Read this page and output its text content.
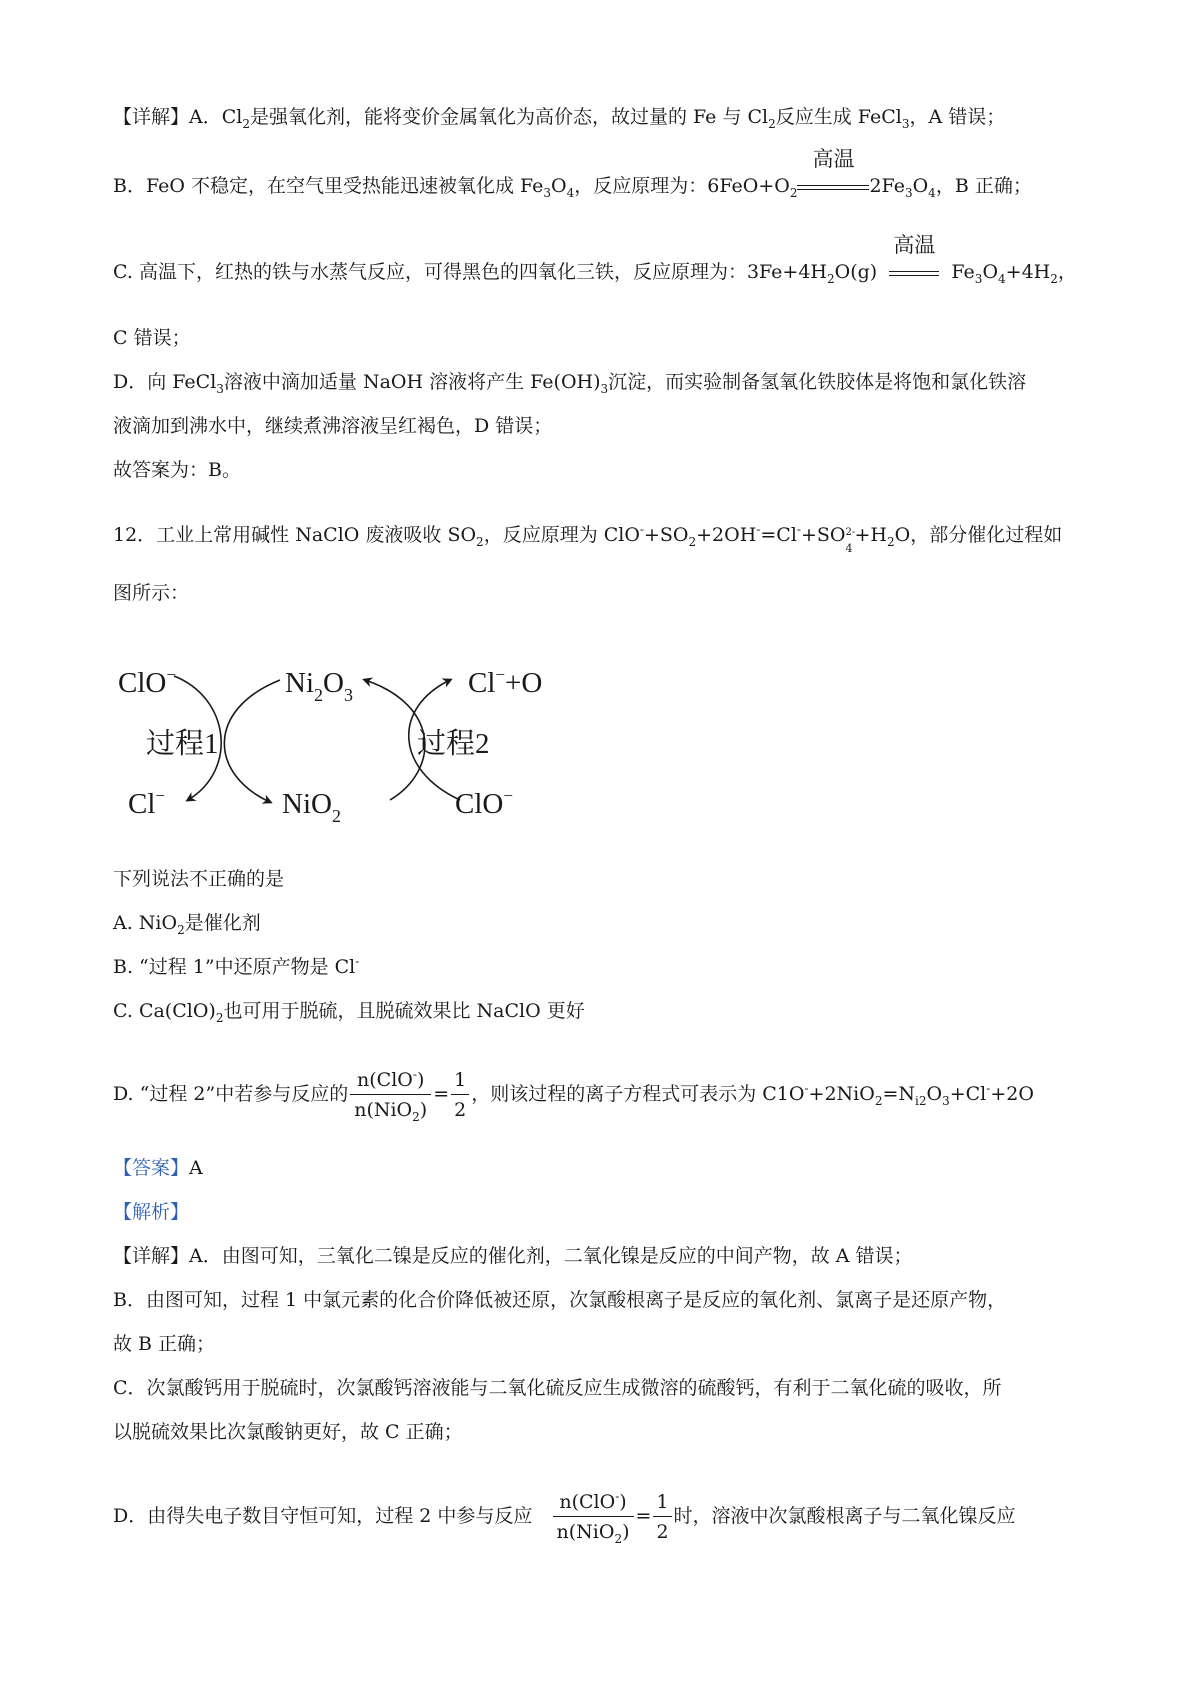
【详解】A．$Cl_2$是强氧化剂，能将变价金属氧化为高价态，故过量的 Fe 与 $Cl_2$反应生成 FeCl$_3$，A 错误；
B．FeO 不稳定，在空气里受热能迅速被氧化成 $Fe_3O_4$，反应原理为：$6FeO+O_2$
高温
$2Fe_3O_4$，B 正确；
C. 高温下，红热的铁与水蒸气反应，可得黑色的四氧化三铁，反应原理为：$3Fe+4H_2O(g)$
高温
$Fe_3O_4+4H_2$，
C 错误；
D．向 FeCl$_3$溶液中滴加适量 NaOH 溶液将产生 $Fe(OH)_3$沉淀，而实验制备氢氧化铁胶体是将饱和氯化铁溶
液滴加到沸水中，继续煮沸溶液呈红褐色，D 错误；
故答案为：B。
12．工业上常用碱性 NaClO 废液吸收 $SO_2$，反应原理为 $ClO^-+SO_2+2OH^-=Cl^-+SO$ 2-
4
$+H_2O$，部分催化过程如
图所示：
ClO−	$Ni_2O_3$	Cl−+O
过程1	过程2
Cl−	NiO$_2$	ClO−
下列说法不正确的是
A. NiO$_2$是催化剂
B. “过程 1”中还原产物是 Cl-
C. $Ca(ClO)_2$也可用于脱硫，且脱硫效果比 NaClO 更好
D. “过程 2”中若参与反应的 $\frac{n(ClO^-)}{n(NiO_2)} = \frac{1}{2}$ ，则该过程的离子方程式可表示为 $C1O^-+2NiO_2=N_{i2}O_3+Cl^-+2O$
【答案】A
【解析】
【详解】A．由图可知，三氧化二镍是反应的催化剂，二氧化镍是反应的中间产物，故 A 错误；
B．由图可知，过程 1 中氯元素的化合价降低被还原，次氯酸根离子是反应的氧化剂、氯离子是还原产物，
故 B 正确；
C．次氯酸钙用于脱硫时，次氯酸钙溶液能与二氧化硫反应生成微溶的硫酸钙，有利于二氧化硫的吸收，所
以脱硫效果比次氯酸钠更好，故 C 正确；
D．由得失电子数目守恒可知，过程 2 中参与反应 $\frac{n(ClO^-)}{n(NiO_2)} = \frac{1}{2}$ 时，溶液中次氯酸根离子与二氧化镍反应
